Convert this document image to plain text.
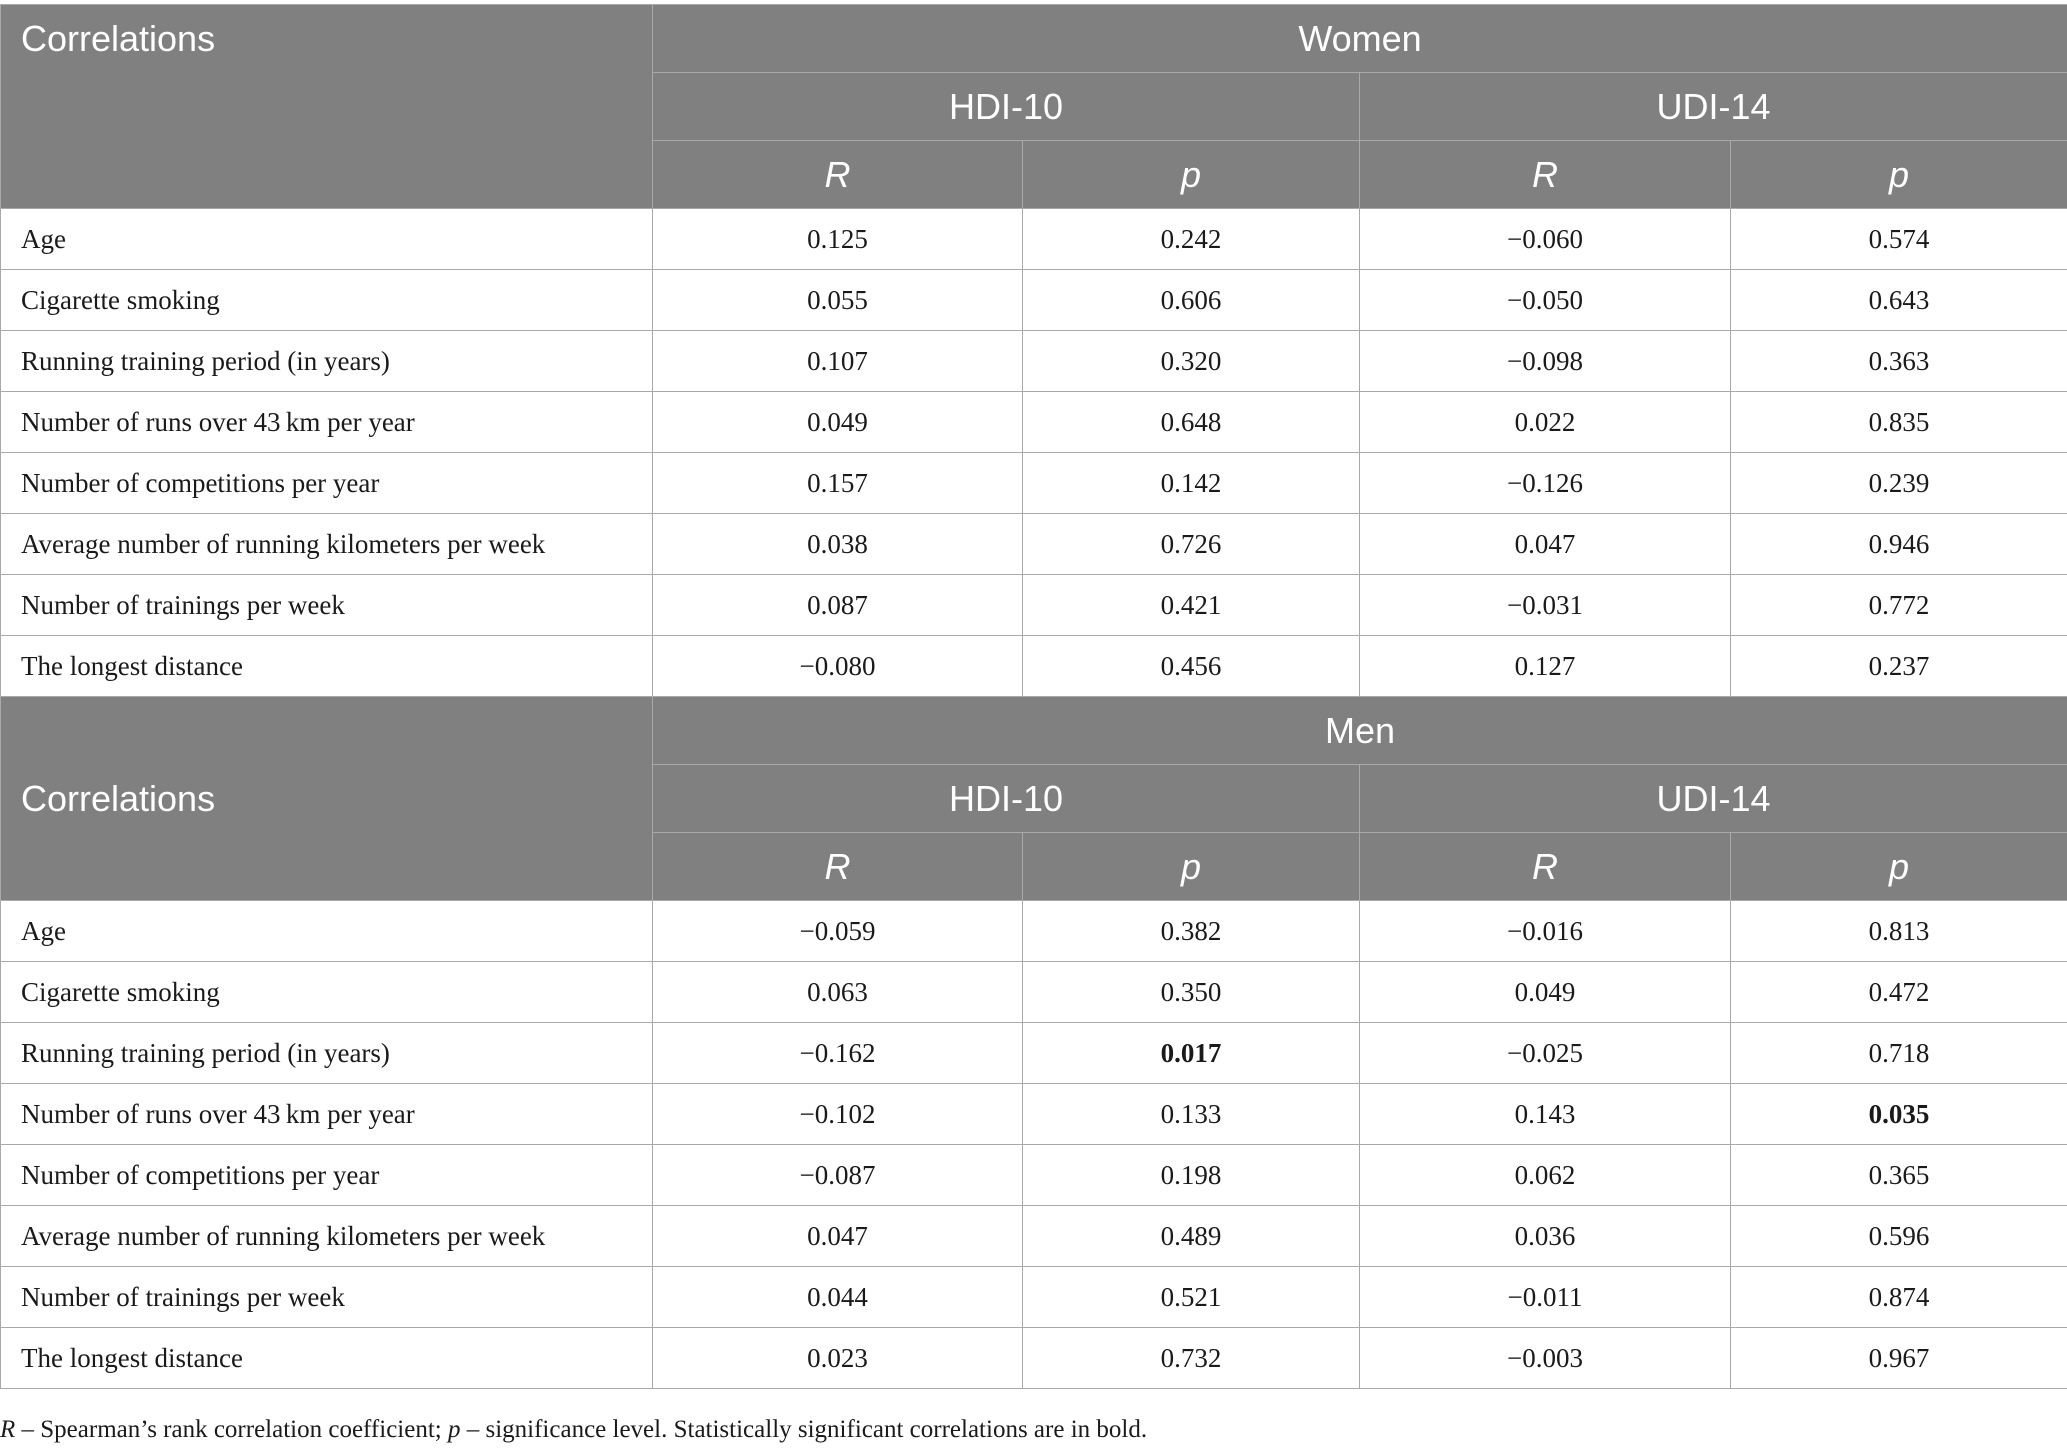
Correlations	Women			
	HDI-10		UDI-14	
	R	p	R	p
Age	0.125	0.242	−0.060	0.574
Cigarette smoking	0.055	0.606	−0.050	0.643
Running training period (in years)	0.107	0.320	−0.098	0.363
Number of runs over 43 km per year	0.049	0.648	0.022	0.835
Number of competitions per year	0.157	0.142	−0.126	0.239
Average number of running kilometers per week	0.038	0.726	0.047	0.946
Number of trainings per week	0.087	0.421	−0.031	0.772
The longest distance	−0.080	0.456	0.127	0.237
Correlations	Men			
	HDI-10		UDI-14	
	R	p	R	p
Age	−0.059	0.382	−0.016	0.813
Cigarette smoking	0.063	0.350	0.049	0.472
Running training period (in years)	−0.162	0.017	−0.025	0.718
Number of runs over 43 km per year	−0.102	0.133	0.143	0.035
Number of competitions per year	−0.087	0.198	0.062	0.365
Average number of running kilometers per week	0.047	0.489	0.036	0.596
Number of trainings per week	0.044	0.521	−0.011	0.874
The longest distance	0.023	0.732	−0.003	0.967
R – Spearman’s rank correlation coefficient; p – significance level. Statistically significant correlations are in bold.
